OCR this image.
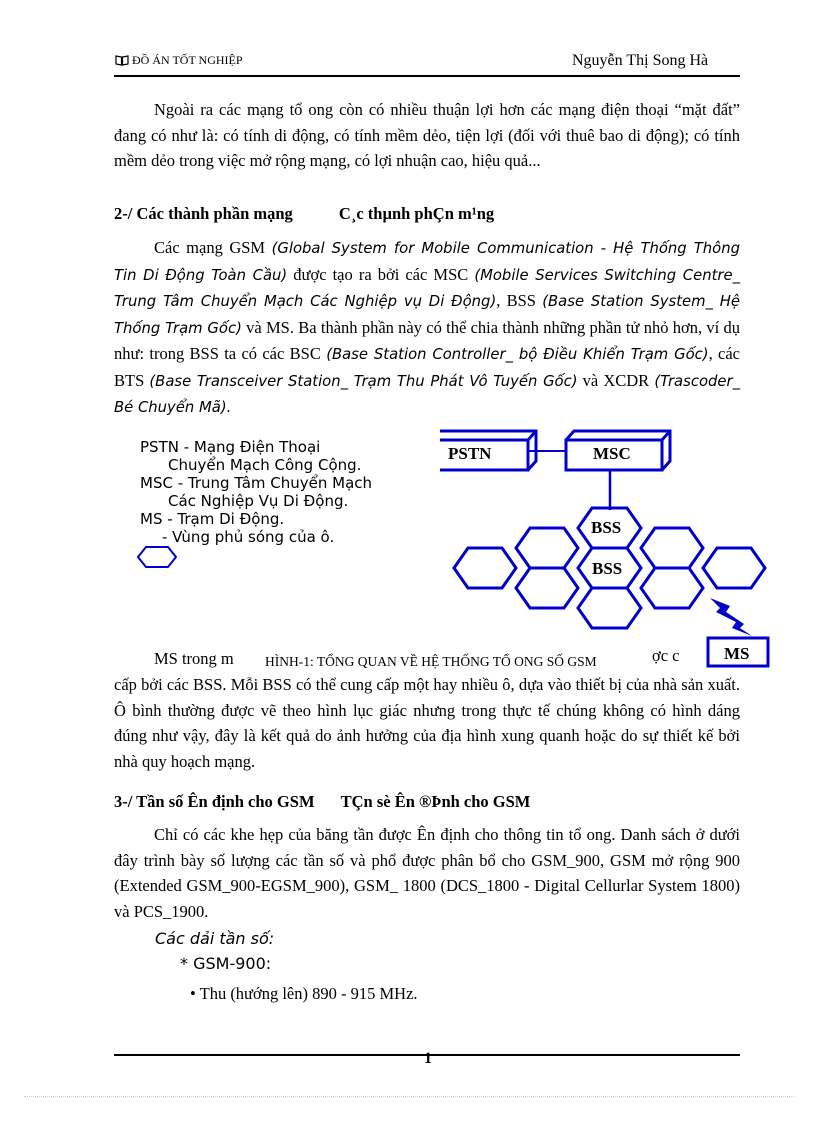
ĐỒ ÁN TỐT NGHIỆP	Nguyễn Thị Song Hà

Ngoài ra các mạng tổ ong còn có nhiều thuận lợi hơn các mạng điện thoại “mặt đất” đang có như là: có tính di động, có tính mềm dẻo, tiện lợi (đối với thuê bao di động); có tính mềm dẻo trong việc mở rộng mạng, có lợi nhuận cao, hiệu quả...

2-/ Các thành phần mạng	C¸c thµnh phÇn m¹ng

Các mạng GSM (Global System for Mobile Communication - Hệ Thống Thông Tin Di Động Toàn Cầu) được tạo ra bởi các MSC (Mobile Services Switching Centre_ Trung Tâm Chuyển Mạch Các Nghiệp vụ Di Động), BSS (Base Station System_ Hệ Thống Trạm Gốc) và MS. Ba thành phần này có thể chia thành những phần tử nhỏ hơn, ví dụ như: trong BSS ta có các BSC (Base Station Controller_ bộ Điều Khiển Trạm Gốc), các BTS (Base Transceiver Station_ Trạm Thu Phát Vô Tuyến Gốc) và XCDR (Trascoder_ Bé Chuyển Mã).

PSTN - Mạng Điện Thoại
Chuyển Mạch Công Cộng.
MSC - Trung Tâm Chuyển Mạch
Các Nghiệp Vụ Di Động.
MS - Trạm Di Động.
- Vùng phủ sóng của ô.
PSTN	MSC
BSS
BSS
MS

MS trong m	ợc c
HÌNH-1: TỔNG QUAN VỀ HỆ THỐNG TỔ ONG SỐ GSM

cấp bởi các BSS. Mỗi BSS có thể cung cấp một hay nhiều ô, dựa vào thiết bị của nhà sản xuất. Ô bình thường được vẽ theo hình lục giác nhưng trong thực tế chúng không có hình dáng đúng như vậy, đây là kết quả do ảnh hưởng của địa hình xung quanh hoặc do sự thiết kế bởi nhà quy hoạch mạng.

3-/ Tần số Ên định cho GSM TÇn sè Ên ®Þnh cho GSM

Chỉ có các khe hẹp của băng tần được Ên định cho thông tin tổ ong. Danh sách ở dưới đây trình bày số lượng các tần số và phổ được phân bổ cho GSM_900, GSM mở rộng 900 (Extended GSM_900-EGSM_900), GSM_ 1800 (DCS_1800 - Digital Cellurlar System 1800) và PCS_1900.

Các dải tần số:
* GSM-900:
• Thu (hướng lên) 890 - 915 MHz.
1
